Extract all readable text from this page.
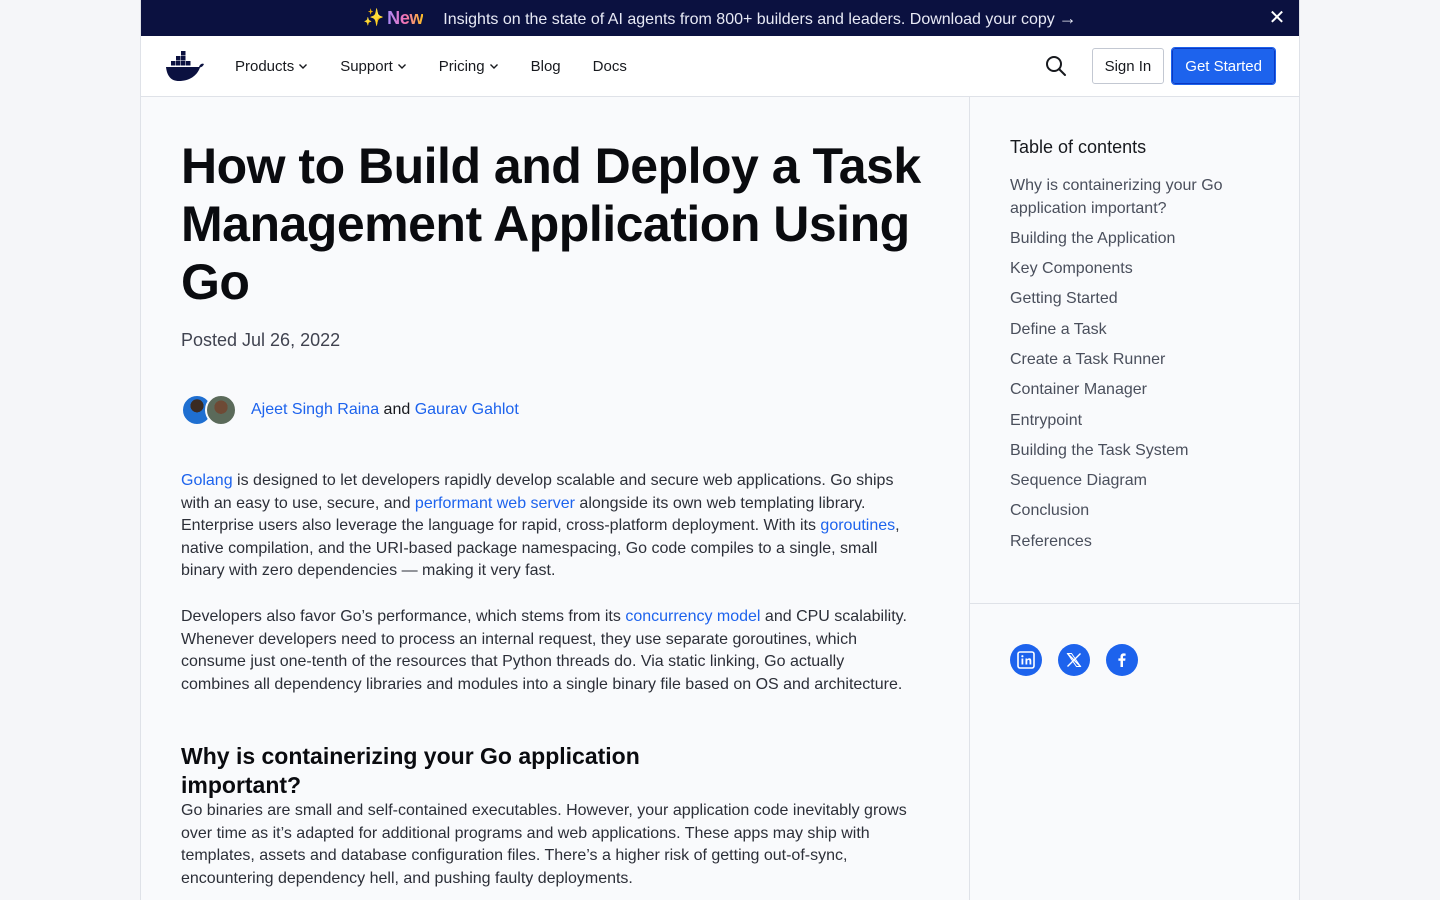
✨ New Insights on the state of AI agents from 800+ builders and leaders. Download your copy →	✕
Products	Support	Pricing	Blog Docs	Sign In	Get Started
How to Build and Deploy a Task Management Application Using Go
Posted Jul 26, 2022
Ajeet Singh Raina and Gaurav Gahlot

Golang is designed to let developers rapidly develop scalable and secure web applications. Go ships with an easy to use, secure, and performant web server alongside its own web templating library. Enterprise users also leverage the language for rapid, cross-platform deployment. With its goroutines, native compilation, and the URI-based package namespacing, Go code compiles to a single, small binary with zero dependencies — making it very fast.

Developers also favor Go’s performance, which stems from its concurrency model and CPU scalability. Whenever developers need to process an internal request, they use separate goroutines, which consume just one-tenth of the resources that Python threads do. Via static linking, Go actually combines all dependency libraries and modules into a single binary file based on OS and architecture.

Why is containerizing your Go application important?

Go binaries are small and self-contained executables. However, your application code inevitably grows over time as it’s adapted for additional programs and web applications. These apps may ship with templates, assets and database configuration files. There’s a higher risk of getting out-of-sync, encountering dependency hell, and pushing faulty deployments.

Table of contents
Why is containerizing your Go application important?
Building the Application
Key Components
Getting Started
Define a Task
Create a Task Runner
Container Manager
Entrypoint
Building the Task System
Sequence Diagram
Conclusion
References
